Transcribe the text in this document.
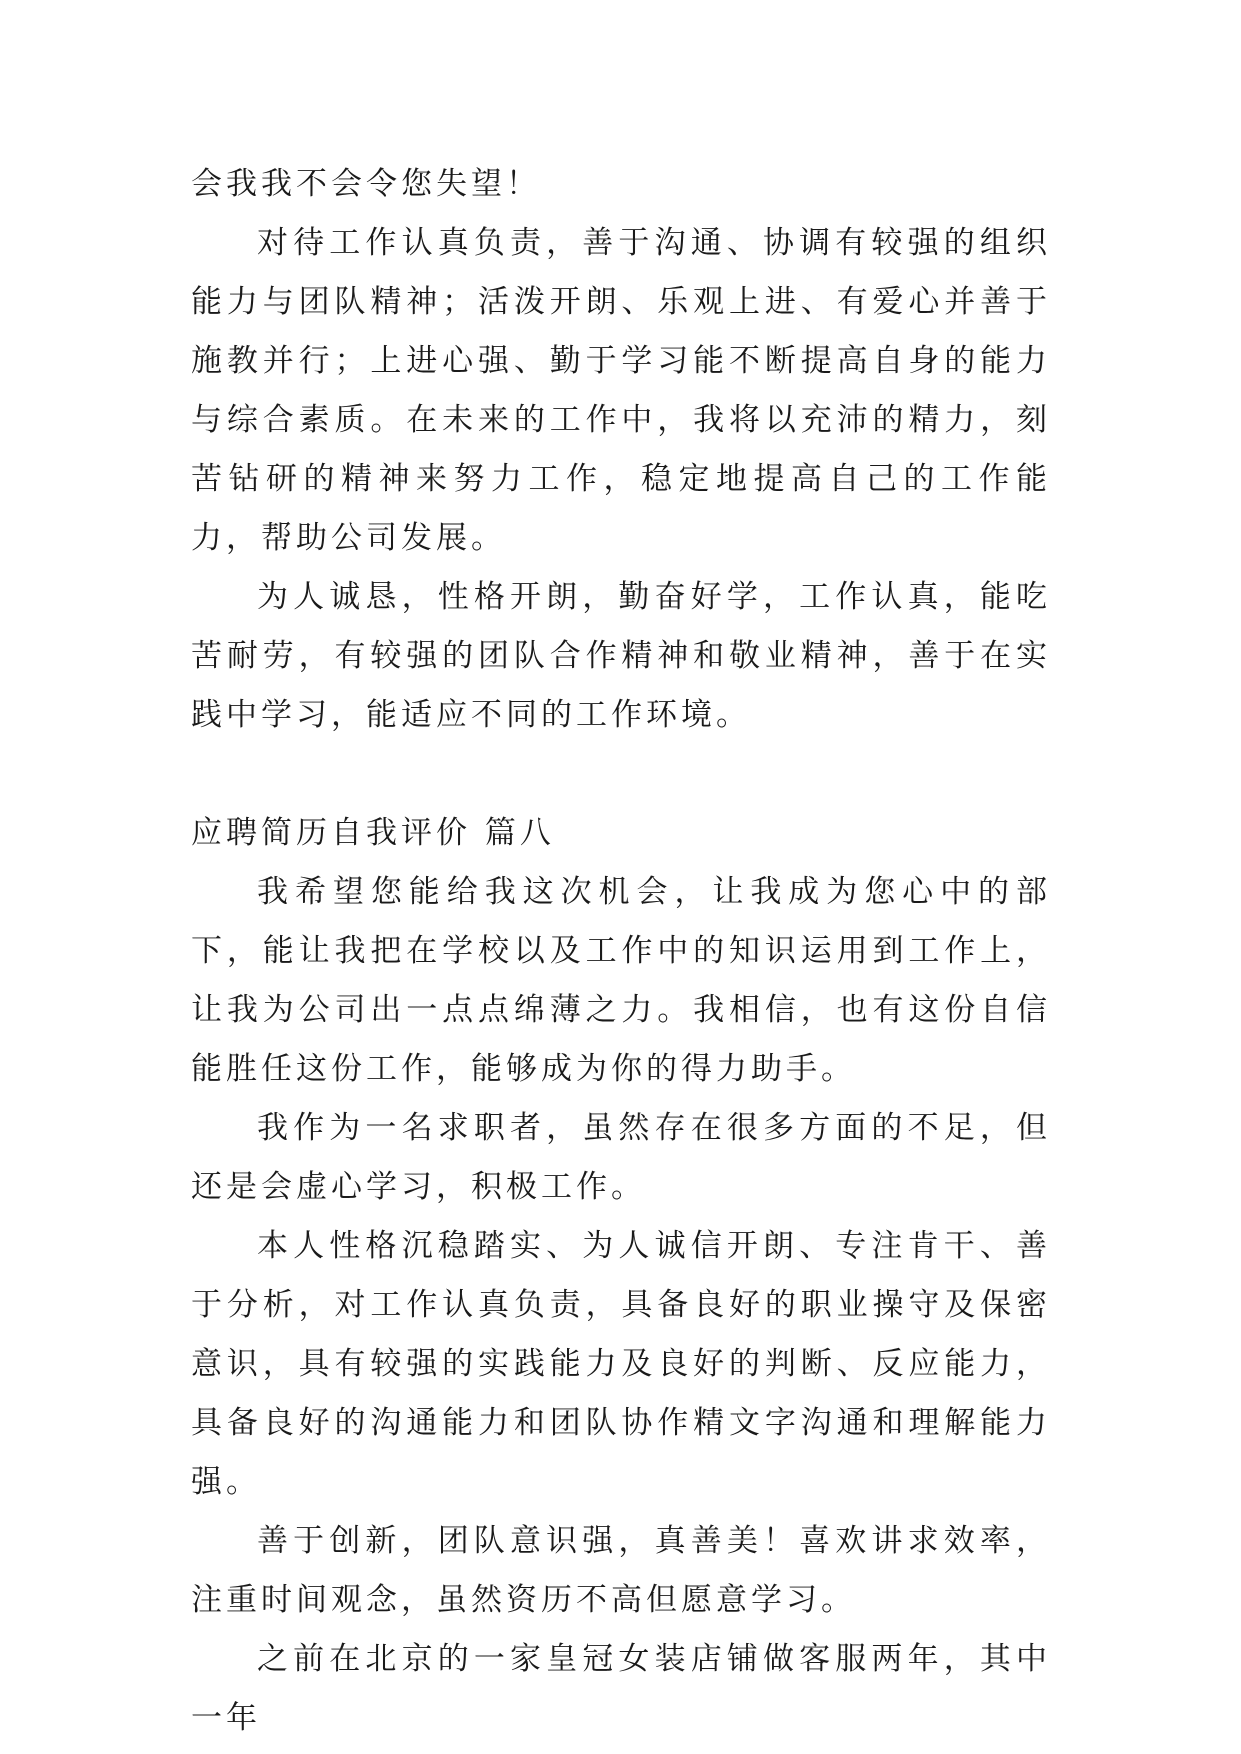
会我我不会令您失望！

对待工作认真负责，善于沟通、协调有较强的组织能力与团队精神；活泼开朗、乐观上进、有爱心并善于施教并行；上进心强、勤于学习能不断提高自身的能力与综合素质。在未来的工作中，我将以充沛的精力，刻苦钻研的精神来努力工作，稳定地提高自己的工作能力，帮助公司发展。

为人诚恳，性格开朗，勤奋好学，工作认真，能吃苦耐劳，有较强的团队合作精神和敬业精神，善于在实践中学习，能适应不同的工作环境。

应聘简历自我评价 篇八

我希望您能给我这次机会，让我成为您心中的部下，能让我把在学校以及工作中的知识运用到工作上，让我为公司出一点点绵薄之力。我相信，也有这份自信能胜任这份工作，能够成为你的得力助手。

我作为一名求职者，虽然存在很多方面的不足，但还是会虚心学习，积极工作。

本人性格沉稳踏实、为人诚信开朗、专注肯干、善于分析，对工作认真负责，具备良好的职业操守及保密意识，具有较强的实践能力及良好的判断、反应能力，具备良好的沟通能力和团队协作精文字沟通和理解能力强。

善于创新，团队意识强，真善美！喜欢讲求效率，注重时间观念，虽然资历不高但愿意学习。

之前在北京的一家皇冠女装店铺做客服两年，其中一年
